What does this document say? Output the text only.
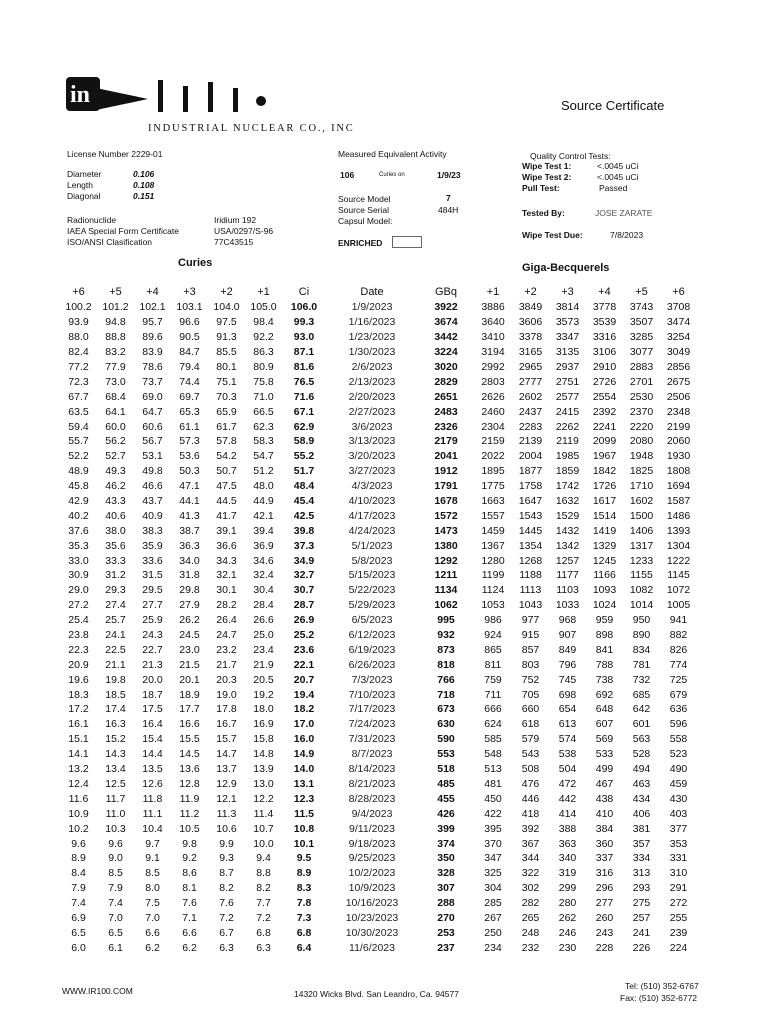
in
INDUSTRIAL NUCLEAR CO., INC
Source Certificate
License Number 2229-01
Diameter	0.106
Length	0.108
Diagonal	0.151
Radionuclide	Iridium 192
IAEA Special Form Certificate	USA/0297/S-96
ISO/ANSI Clasification	77C43515
Measured Equivalent Activity
106	Curies on	1/9/23
Source Model	7
Source Serial	484H
Capsul Model:
ENRICHED
Quality Control Tests:
Wipe Test 1:	<.0045 uCi
Wipe Test 2:	<.0045 uCi
Pull Test:	Passed
Tested By:	JOSE ZARATE
Wipe Test Due:	7/8/2023
Curies	Giga-Becquerels
+6	+5	+4	+3	+2	+1	Ci	Date	GBq	+1	+2	+3	+4	+5	+6
100.2	101.2	102.1	103.1	104.0	105.0	106.0	1/9/2023	3922	3886	3849	3814	3778	3743	3708
93.9	94.8	95.7	96.6	97.5	98.4	99.3	1/16/2023	3674	3640	3606	3573	3539	3507	3474
88.0	88.8	89.6	90.5	91.3	92.2	93.0	1/23/2023	3442	3410	3378	3347	3316	3285	3254
82.4	83.2	83.9	84.7	85.5	86.3	87.1	1/30/2023	3224	3194	3165	3135	3106	3077	3049
77.2	77.9	78.6	79.4	80.1	80.9	81.6	2/6/2023	3020	2992	2965	2937	2910	2883	2856
72.3	73.0	73.7	74.4	75.1	75.8	76.5	2/13/2023	2829	2803	2777	2751	2726	2701	2675
67.7	68.4	69.0	69.7	70.3	71.0	71.6	2/20/2023	2651	2626	2602	2577	2554	2530	2506
63.5	64.1	64.7	65.3	65.9	66.5	67.1	2/27/2023	2483	2460	2437	2415	2392	2370	2348
59.4	60.0	60.6	61.1	61.7	62.3	62.9	3/6/2023	2326	2304	2283	2262	2241	2220	2199
55.7	56.2	56.7	57.3	57.8	58.3	58.9	3/13/2023	2179	2159	2139	2119	2099	2080	2060
52.2	52.7	53.1	53.6	54.2	54.7	55.2	3/20/2023	2041	2022	2004	1985	1967	1948	1930
48.9	49.3	49.8	50.3	50.7	51.2	51.7	3/27/2023	1912	1895	1877	1859	1842	1825	1808
45.8	46.2	46.6	47.1	47.5	48.0	48.4	4/3/2023	1791	1775	1758	1742	1726	1710	1694
42.9	43.3	43.7	44.1	44.5	44.9	45.4	4/10/2023	1678	1663	1647	1632	1617	1602	1587
40.2	40.6	40.9	41.3	41.7	42.1	42.5	4/17/2023	1572	1557	1543	1529	1514	1500	1486
37.6	38.0	38.3	38.7	39.1	39.4	39.8	4/24/2023	1473	1459	1445	1432	1419	1406	1393
35.3	35.6	35.9	36.3	36.6	36.9	37.3	5/1/2023	1380	1367	1354	1342	1329	1317	1304
33.0	33.3	33.6	34.0	34.3	34.6	34.9	5/8/2023	1292	1280	1268	1257	1245	1233	1222
30.9	31.2	31.5	31.8	32.1	32.4	32.7	5/15/2023	1211	1199	1188	1177	1166	1155	1145
29.0	29.3	29.5	29.8	30.1	30.4	30.7	5/22/2023	1134	1124	1113	1103	1093	1082	1072
27.2	27.4	27.7	27.9	28.2	28.4	28.7	5/29/2023	1062	1053	1043	1033	1024	1014	1005
25.4	25.7	25.9	26.2	26.4	26.6	26.9	6/5/2023	995	986	977	968	959	950	941
23.8	24.1	24.3	24.5	24.7	25.0	25.2	6/12/2023	932	924	915	907	898	890	882
22.3	22.5	22.7	23.0	23.2	23.4	23.6	6/19/2023	873	865	857	849	841	834	826
20.9	21.1	21.3	21.5	21.7	21.9	22.1	6/26/2023	818	811	803	796	788	781	774
19.6	19.8	20.0	20.1	20.3	20.5	20.7	7/3/2023	766	759	752	745	738	732	725
18.3	18.5	18.7	18.9	19.0	19.2	19.4	7/10/2023	718	711	705	698	692	685	679
17.2	17.4	17.5	17.7	17.8	18.0	18.2	7/17/2023	673	666	660	654	648	642	636
16.1	16.3	16.4	16.6	16.7	16.9	17.0	7/24/2023	630	624	618	613	607	601	596
15.1	15.2	15.4	15.5	15.7	15.8	16.0	7/31/2023	590	585	579	574	569	563	558
14.1	14.3	14.4	14.5	14.7	14.8	14.9	8/7/2023	553	548	543	538	533	528	523
13.2	13.4	13.5	13.6	13.7	13.9	14.0	8/14/2023	518	513	508	504	499	494	490
12.4	12.5	12.6	12.8	12.9	13.0	13.1	8/21/2023	485	481	476	472	467	463	459
11.6	11.7	11.8	11.9	12.1	12.2	12.3	8/28/2023	455	450	446	442	438	434	430
10.9	11.0	11.1	11.2	11.3	11.4	11.5	9/4/2023	426	422	418	414	410	406	403
10.2	10.3	10.4	10.5	10.6	10.7	10.8	9/11/2023	399	395	392	388	384	381	377
9.6	9.6	9.7	9.8	9.9	10.0	10.1	9/18/2023	374	370	367	363	360	357	353
8.9	9.0	9.1	9.2	9.3	9.4	9.5	9/25/2023	350	347	344	340	337	334	331
8.4	8.5	8.5	8.6	8.7	8.8	8.9	10/2/2023	328	325	322	319	316	313	310
7.9	7.9	8.0	8.1	8.2	8.2	8.3	10/9/2023	307	304	302	299	296	293	291
7.4	7.4	7.5	7.6	7.6	7.7	7.8	10/16/2023	288	285	282	280	277	275	272
6.9	7.0	7.0	7.1	7.2	7.2	7.3	10/23/2023	270	267	265	262	260	257	255
6.5	6.5	6.6	6.6	6.7	6.8	6.8	10/30/2023	253	250	248	246	243	241	239
6.0	6.1	6.2	6.2	6.3	6.3	6.4	11/6/2023	237	234	232	230	228	226	224
WWW.IR100.COM	14320 Wicks Blvd. San Leandro, Ca. 94577
Tel: (510) 352-6767
Fax: (510) 352-6772
